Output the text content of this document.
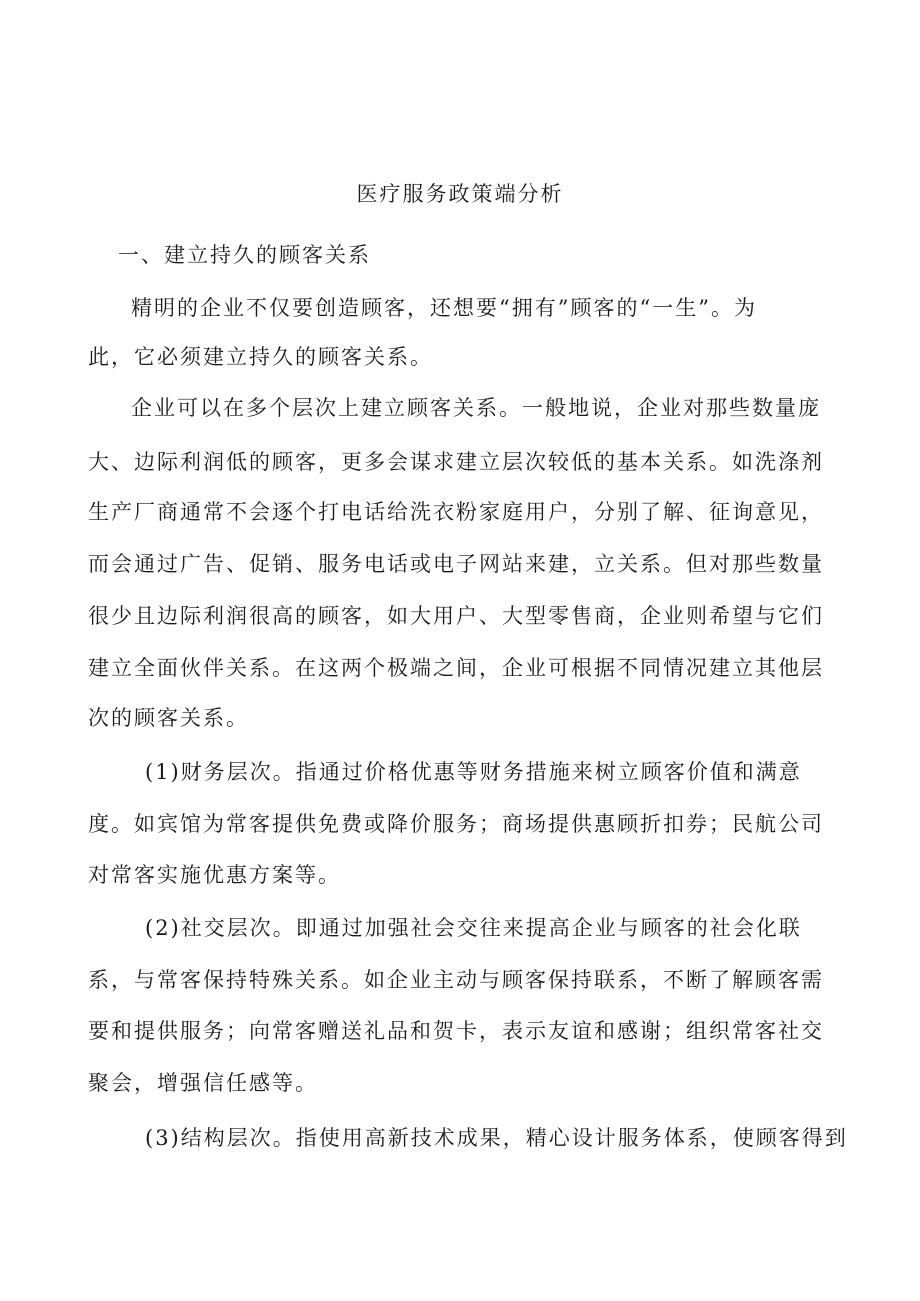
医疗服务政策端分析
一、建立持久的顾客关系
精明的企业不仅要创造顾客，还想要“拥有”顾客的“一生”。为
此，它必须建立持久的顾客关系。
企业可以在多个层次上建立顾客关系。一般地说，企业对那些数量庞
大、边际利润低的顾客，更多会谋求建立层次较低的基本关系。如洗涤剂
生产厂商通常不会逐个打电话给洗衣粉家庭用户，分别了解、征询意见，
而会通过广告、促销、服务电话或电子网站来建，立关系。但对那些数量
很少且边际利润很高的顾客，如大用户、大型零售商，企业则希望与它们
建立全面伙伴关系。在这两个极端之间，企业可根据不同情况建立其他层
次的顾客关系。
(1)财务层次。指通过价格优惠等财务措施来树立顾客价值和满意
度。如宾馆为常客提供免费或降价服务；商场提供惠顾折扣券；民航公司
对常客实施优惠方案等。
(2)社交层次。即通过加强社会交往来提高企业与顾客的社会化联
系，与常客保持特殊关系。如企业主动与顾客保持联系，不断了解顾客需
要和提供服务；向常客赠送礼品和贺卡，表示友谊和感谢；组织常客社交
聚会，增强信任感等。
(3)结构层次。指使用高新技术成果，精心设计服务体系，使顾客得到
